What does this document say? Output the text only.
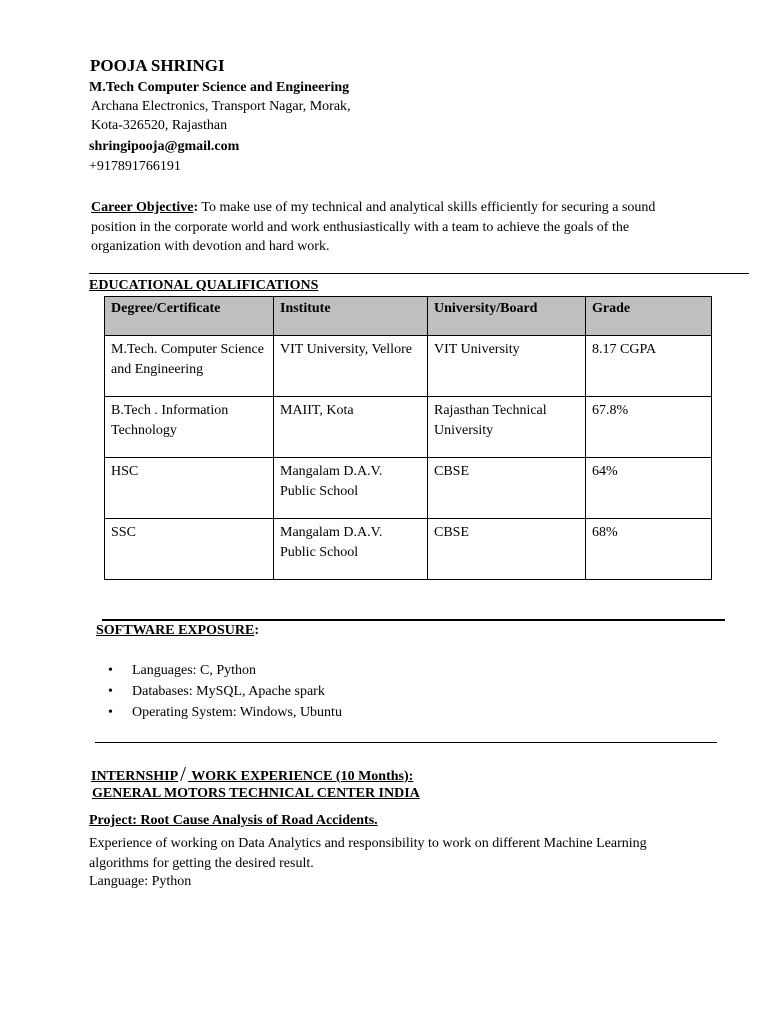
POOJA SHRINGI
M.Tech Computer Science and Engineering
Archana Electronics, Transport Nagar, Morak,
Kota-326520, Rajasthan
shringipooja@gmail.com
+917891766191
Career Objective: To make use of my technical and analytical skills efficiently for securing a sound position in the corporate world and work enthusiastically with a team to achieve the goals of the organization with devotion and hard work.
EDUCATIONAL QUALIFICATIONS
Degree/Certificate	Institute	University/Board	Grade
M.Tech. Computer Science and Engineering	VIT University, Vellore	VIT University	8.17 CGPA
B.Tech . Information Technology	MAIIT, Kota	Rajasthan Technical University	67.8%
HSC	Mangalam D.A.V. Public School	CBSE	64%
SSC	Mangalam D.A.V. Public School	CBSE	68%
SOFTWARE EXPOSURE:
• Languages: C, Python
• Databases: MySQL, Apache spark
• Operating System: Windows, Ubuntu
INTERNSHIP/ WORK EXPERIENCE (10 Months):
GENERAL MOTORS TECHNICAL CENTER INDIA
Project: Root Cause Analysis of Road Accidents.
Experience of working on Data Analytics and responsibility to work on different Machine Learning algorithms for getting the desired result.
Language: Python
